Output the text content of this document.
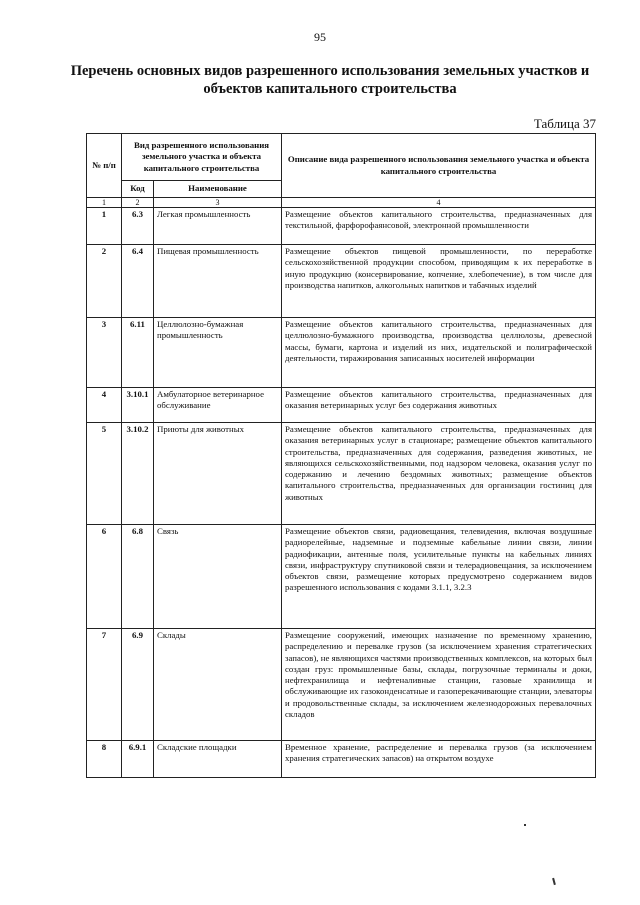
95
Перечень основных видов разрешенного использования земельных участков и объектов капитального строительства
Таблица 37
№ п/п	Вид разрешенного использования земельного участка и объекта капитального строительства		Описание вида разрешенного использования земельного участка и объекта капитального строительства
	Код	Наименование	
1	2	3	4
1	6.3	Легкая промышленность	Размещение объектов капитального строительства, предназначенных для текстильной, фарфорофаянсовой, электронной промышленности
2	6.4	Пищевая промышленность	Размещение объектов пищевой промышленности, по переработке сельскохозяйственной продукции способом, приводящим к их переработке в иную продукцию (консервирование, копчение, хлебопечение), в том числе для производства напитков, алкогольных напитков и табачных изделий
3	6.11	Целлюлозно-бумажная промышленность	Размещение объектов капитального строительства, предназначенных для целлюлозно-бумажного производства, производства целлюлозы, древесной массы, бумаги, картона и изделий из них, издательской и полиграфической деятельности, тиражирования записанных носителей информации
4	3.10.1	Амбулаторное ветеринарное обслуживание	Размещение объектов капитального строительства, предназначенных для оказания ветеринарных услуг без содержания животных
5	3.10.2	Приюты для животных	Размещение объектов капитального строительства, предназначенных для оказания ветеринарных услуг в стационаре; размещение объектов капитального строительства, предназначенных для содержания, разведения животных, не являющихся сельскохозяйственными, под надзором человека, оказания услуг по содержанию и лечению бездомных животных; размещение объектов капитального строительства, предназначенных для организации гостиниц для животных
6	6.8	Связь	Размещение объектов связи, радиовещания, телевидения, включая воздушные радиорелейные, надземные и подземные кабельные линии связи, линии радиофикации, антенные поля, усилительные пункты на кабельных линиях связи, инфраструктуру спутниковой связи и телерадиовещания, за исключением объектов связи, размещение которых предусмотрено содержанием видов разрешенного использования с кодами 3.1.1, 3.2.3
7	6.9	Склады	Размещение сооружений, имеющих назначение по временному хранению, распределению и перевалке грузов (за исключением хранения стратегических запасов), не являющихся частями производственных комплексов, на которых был создан груз: промышленные базы, склады, погрузочные терминалы и доки, нефтехранилища и нефтеналивные станции, газовые хранилища и обслуживающие их газоконденсатные и газоперекачивающие станции, элеваторы и продовольственные склады, за исключением железнодорожных перевалочных складов
8	6.9.1	Складские площадки	Временное хранение, распределение и перевалка грузов (за исключением хранения стратегических запасов) на открытом воздухе
